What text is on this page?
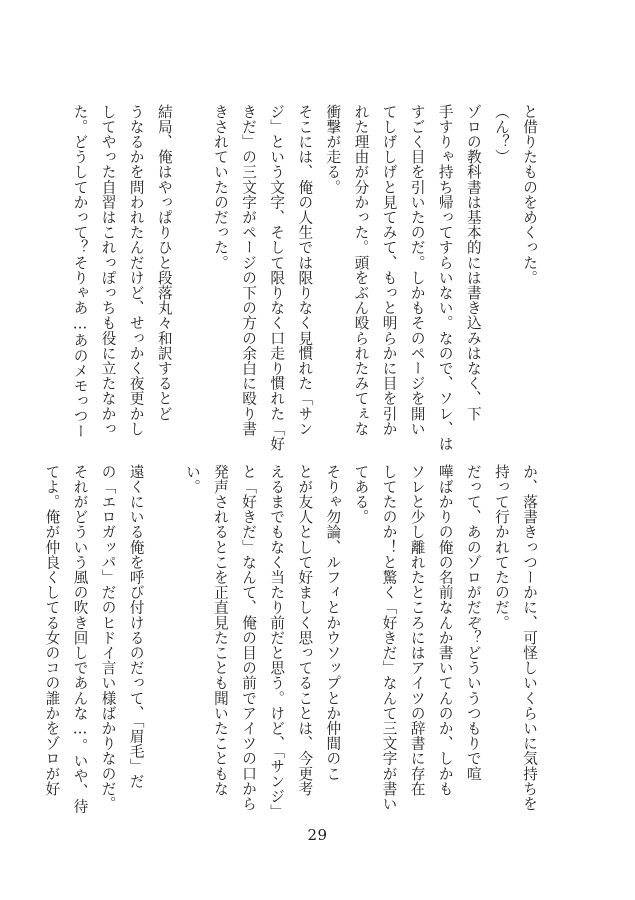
と借りたものをめくった。
（ん？）
ゾロの教科書は基本的には書き込みはなく、下
手すりゃ持ち帰ってすらいない。なので、ソレ、は
すごく目を引いたのだ。しかもそのページを開い
てしげしげと見てみて、もっと明らかに目を引か
れた理由が分かった。頭をぶん殴られたみてぇな
衝撃が走る。
そこには、俺の人生では限りなく見慣れた「サン
ジ」という文字、そして限りなく口走り慣れた「好
きだ」の三文字がページの下の方の余白に殴り書
きされていたのだった。

結局、俺はやっぱりひと段落丸々和訳するとど
うなるかを問われたんだけど、せっかく夜更かし
してやった自習はこれっぽっちも役に立たなかっ
た。どうしてかって？そりゃあ…あのメモっつー
か、落書きっつーかに、可怪しいくらいに気持ちを
持って行かれてたのだ。
だって、あのゾロがだぞ？どういうつもりで喧
嘩ばかりの俺の名前なんか書いてんのか、しかも
ソレと少し離れたところにはアイツの辞書に存在
してたのか！と驚く「好きだ」なんて三文字が書い
てある。
そりゃ勿論、ルフィとかウソップとか仲間のこ
とが友人として好ましく思ってることは、今更考
えるまでもなく当たり前だと思う。けど、「サンジ」
と「好きだ」なんて、俺の目の前でアイツの口から
発声されるとこを正直見たことも聞いたこともな
い。

遠くにいる俺を呼び付けるのだって、「眉毛」だ
の「エロガッパ」だのヒドイ言い様ばかりなのだ。
それがどういう風の吹き回しであんな…。いや、待
てよ。俺が仲良くしてる女のコの誰かをゾロが好
29
